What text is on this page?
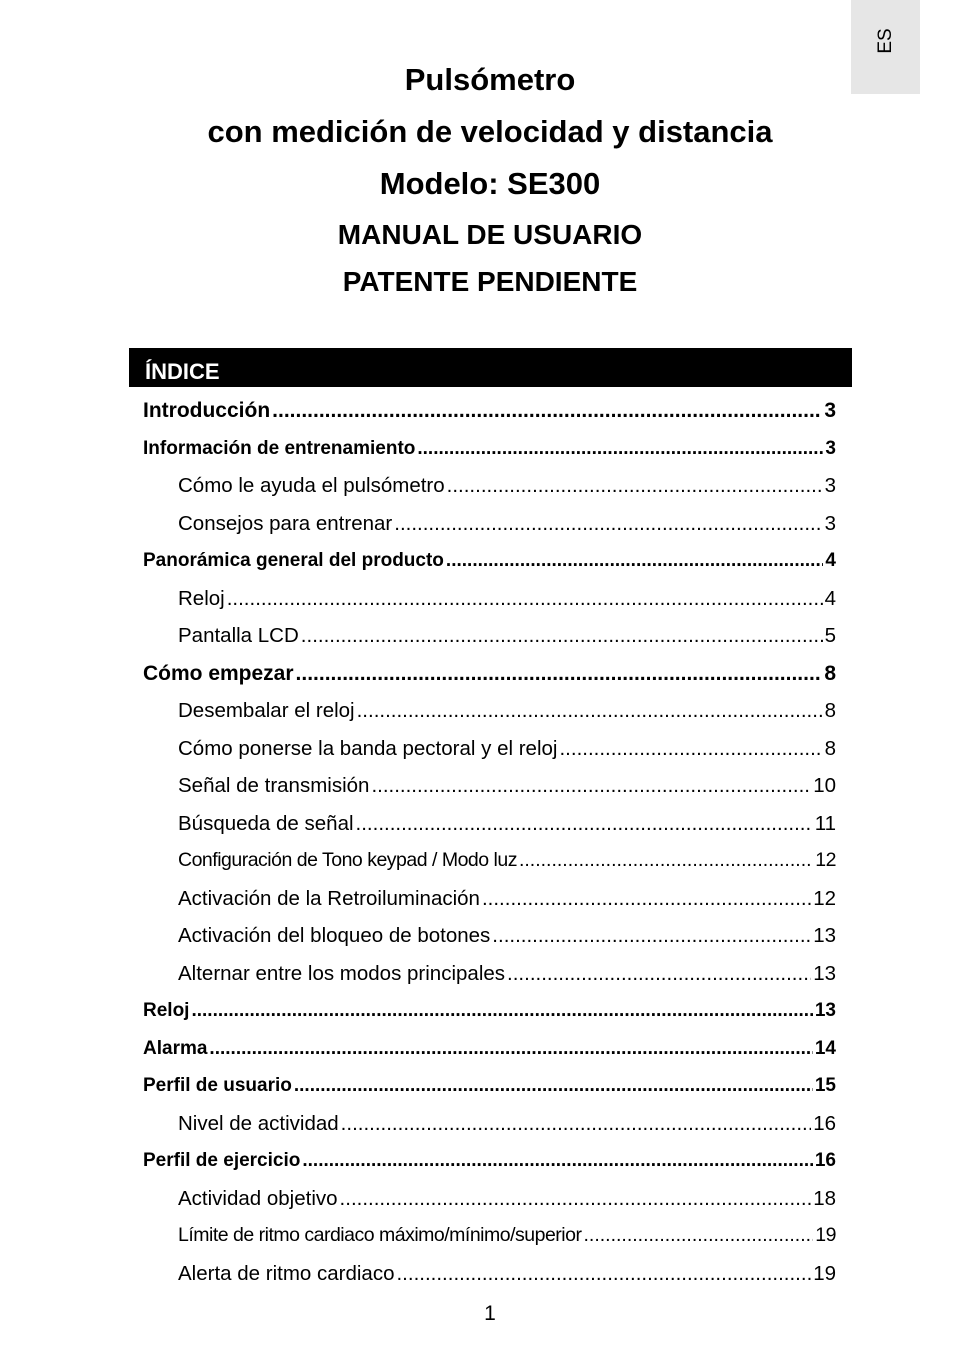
ES
Pulsómetro
con medición de velocidad y distancia
Modelo: SE300
MANUAL DE USUARIO
PATENTE PENDIENTE
ÍNDICE
Introducción .....	3
Información de entrenamiento .....	3
Cómo le ayuda el pulsómetro .....	3
Consejos para entrenar .....	3
Panorámica general del producto .....	4
Reloj .....	4
Pantalla LCD .....	5
Cómo empezar .....	8
Desembalar el reloj .....	8
Cómo ponerse la banda pectoral y el reloj .....	8
Señal de transmisión .....	10
Búsqueda de señal .....	11
Configuración de Tono keypad / Modo luz .....	12
Activación de la Retroiluminación .....	12
Activación del bloqueo de botones .....	13
Alternar entre los modos principales .....	13
Reloj .....	13
Alarma .....	14
Perfil de usuario .....	15
Nivel de actividad .....	16
Perfil de ejercicio .....	16
Actividad objetivo .....	18
Límite de ritmo cardiaco máximo/mínimo/superior .....	19
Alerta de ritmo cardiaco .....	19
1
